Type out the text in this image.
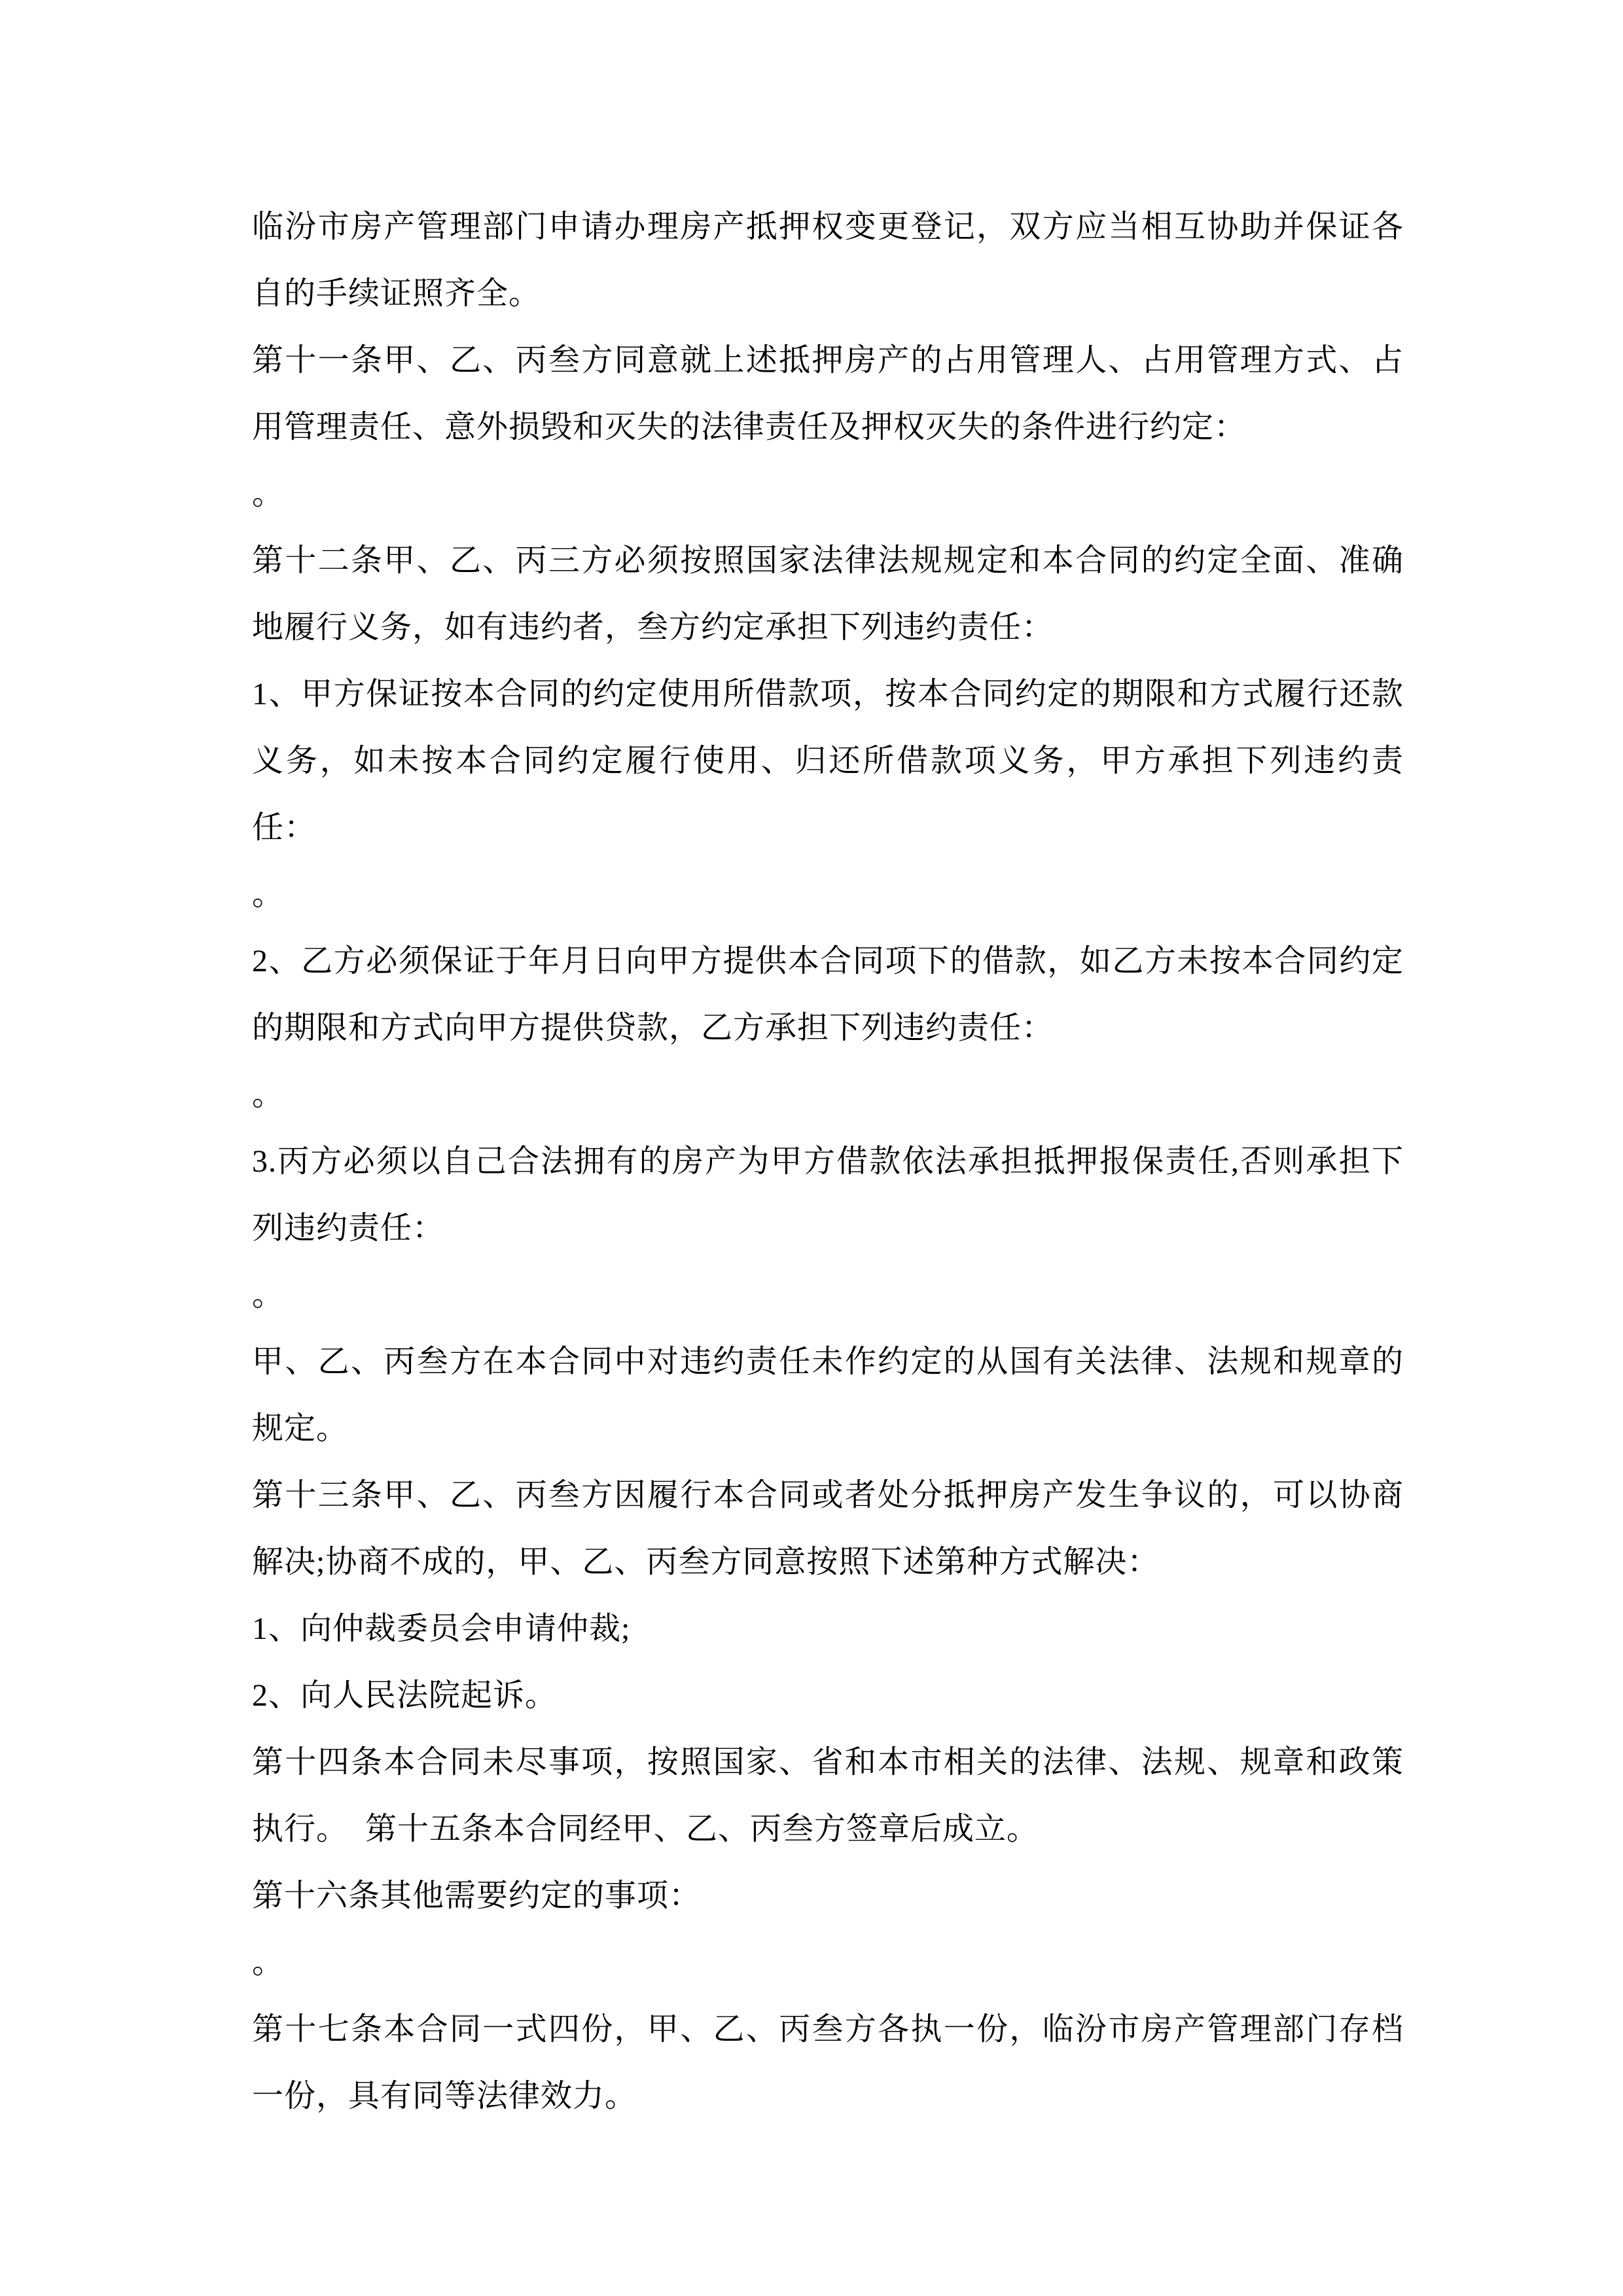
临汾市房产管理部门申请办理房产抵押权变更登记，双方应当相互协助并保证各自的手续证照齐全。

第十一条甲、乙、丙叁方同意就上述抵押房产的占用管理人、占用管理方式、占用管理责任、意外损毁和灭失的法律责任及押权灭失的条件进行约定：

。

第十二条甲、乙、丙三方必须按照国家法律法规规定和本合同的约定全面、准确地履行义务，如有违约者，叁方约定承担下列违约责任：

1、甲方保证按本合同的约定使用所借款项，按本合同约定的期限和方式履行还款义务，如未按本合同约定履行使用、归还所借款项义务，甲方承担下列违约责任：

。

2、乙方必须保证于年月日向甲方提供本合同项下的借款，如乙方未按本合同约定的期限和方式向甲方提供贷款，乙方承担下列违约责任：

。

3.丙方必须以自己合法拥有的房产为甲方借款依法承担抵押报保责任,否则承担下列违约责任：

。

甲、乙、丙叁方在本合同中对违约责任未作约定的从国有关法律、法规和规章的规定。

第十三条甲、乙、丙叁方因履行本合同或者处分抵押房产发生争议的，可以协商解决;协商不成的，甲、乙、丙叁方同意按照下述第种方式解决：

1、向仲裁委员会申请仲裁;

2、向人民法院起诉。

第十四条本合同未尽事项，按照国家、省和本市相关的法律、法规、规章和政策执行。  第十五条本合同经甲、乙、丙叁方签章后成立。

第十六条其他需要约定的事项：

。

第十七条本合同一式四份，甲、乙、丙叁方各执一份，临汾市房产管理部门存档一份，具有同等法律效力。
